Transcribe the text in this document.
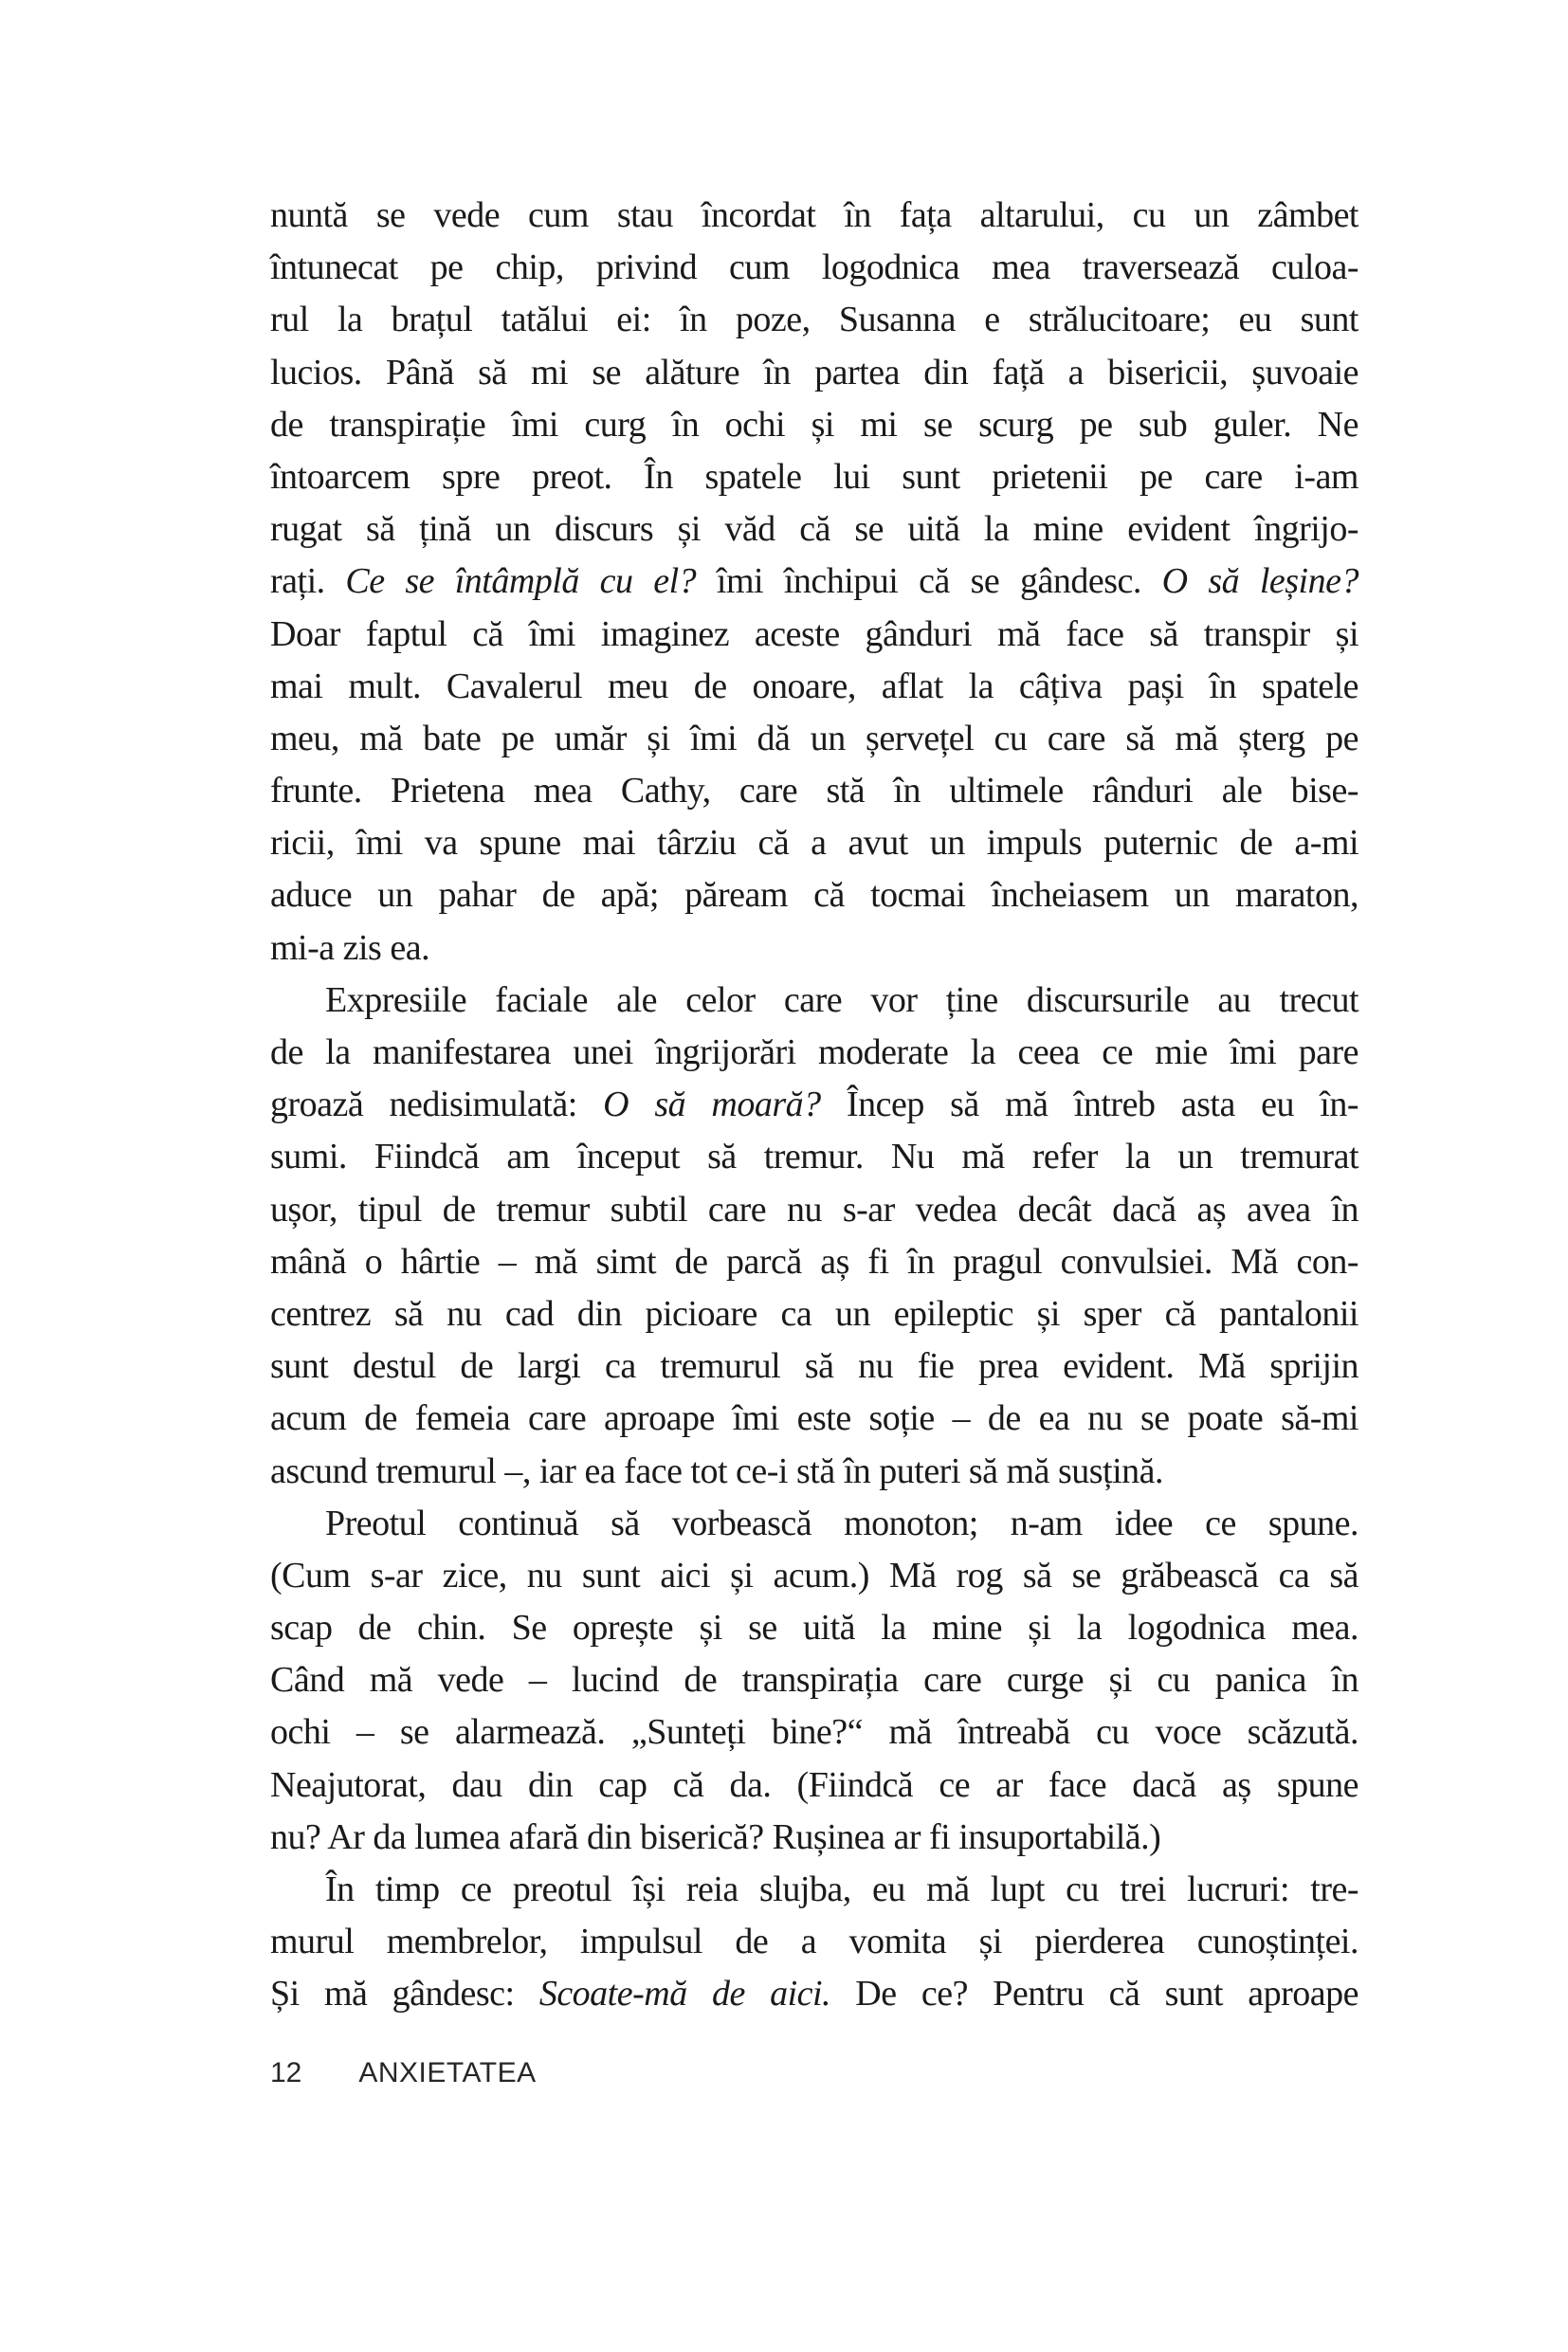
nuntă se vede cum stau încordat în fața altarului, cu un zâmbet
întunecat pe chip, privind cum logodnica mea traversează culoa-
rul la brațul tatălui ei: în poze, Susanna e strălucitoare; eu sunt
lucios. Până să mi se alăture în partea din față a bisericii, șuvoaie
de transpirație îmi curg în ochi și mi se scurg pe sub guler. Ne
întoarcem spre preot. În spatele lui sunt prietenii pe care i-am
rugat să țină un discurs și văd că se uită la mine evident îngrijo-
rați. Ce se întâmplă cu el? îmi închipui că se gândesc. O să leșine?
Doar faptul că îmi imaginez aceste gânduri mă face să transpir și
mai mult. Cavalerul meu de onoare, aflat la câțiva pași în spatele
meu, mă bate pe umăr și îmi dă un șervețel cu care să mă șterg pe
frunte. Prietena mea Cathy, care stă în ultimele rânduri ale bise-
ricii, îmi va spune mai târziu că a avut un impuls puternic de a-mi
aduce un pahar de apă; păream că tocmai încheiasem un maraton,
mi-a zis ea.
Expresiile faciale ale celor care vor ține discursurile au trecut
de la manifestarea unei îngrijorări moderate la ceea ce mie îmi pare
groază nedisimulată: O să moară? Încep să mă întreb asta eu în-
sumi. Fiindcă am început să tremur. Nu mă refer la un tremurat
ușor, tipul de tremur subtil care nu s-ar vedea decât dacă aș avea în
mână o hârtie – mă simt de parcă aș fi în pragul convulsiei. Mă con-
centrez să nu cad din picioare ca un epileptic și sper că pantalonii
sunt destul de largi ca tremurul să nu fie prea evident. Mă sprijin
acum de femeia care aproape îmi este soție – de ea nu se poate să-mi
ascund tremurul –, iar ea face tot ce-i stă în puteri să mă susțină.
Preotul continuă să vorbească monoton; n-am idee ce spune.
(Cum s-ar zice, nu sunt aici și acum.) Mă rog să se grăbească ca să
scap de chin. Se oprește și se uită la mine și la logodnica mea.
Când mă vede – lucind de transpirația care curge și cu panica în
ochi – se alarmează. „Sunteți bine?“ mă întreabă cu voce scăzută.
Neajutorat, dau din cap că da. (Fiindcă ce ar face dacă aș spune
nu? Ar da lumea afară din biserică? Rușinea ar fi insuportabilă.)
În timp ce preotul își reia slujba, eu mă lupt cu trei lucruri: tre-
murul membrelor, impulsul de a vomita și pierderea cunoștinței.
Și mă gândesc: Scoate-mă de aici. De ce? Pentru că sunt aproape
12 ANXIETATEA
